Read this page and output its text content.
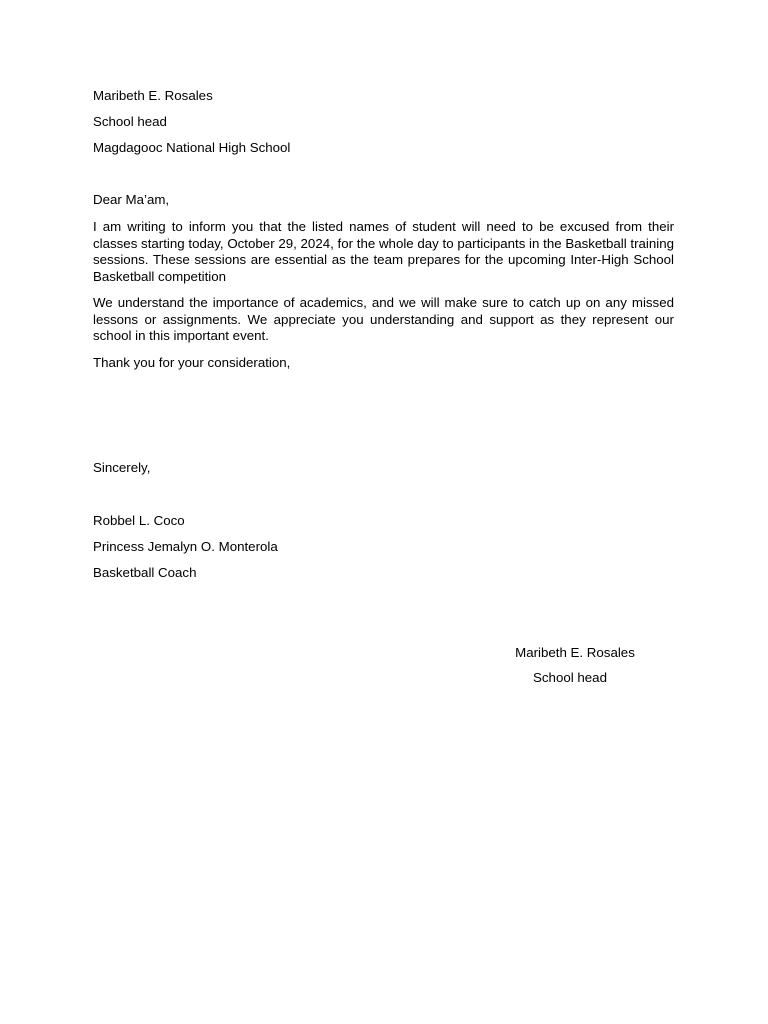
Maribeth E. Rosales
School head
Magdagooc National High School
Dear Ma’am,

I am writing to inform you that the listed names of student will need to be excused from their classes starting today, October 29, 2024, for the whole day to participants in the Basketball training sessions. These sessions are essential as the team prepares for the upcoming Inter-High School Basketball competition

We understand the importance of academics, and we will make sure to catch up on any missed lessons or assignments. We appreciate you understanding and support as they represent our school in this important event.

Thank you for your consideration,
Sincerely,
Robbel L. Coco
Princess Jemalyn O. Monterola
Basketball Coach
Maribeth E. Rosales
School head
